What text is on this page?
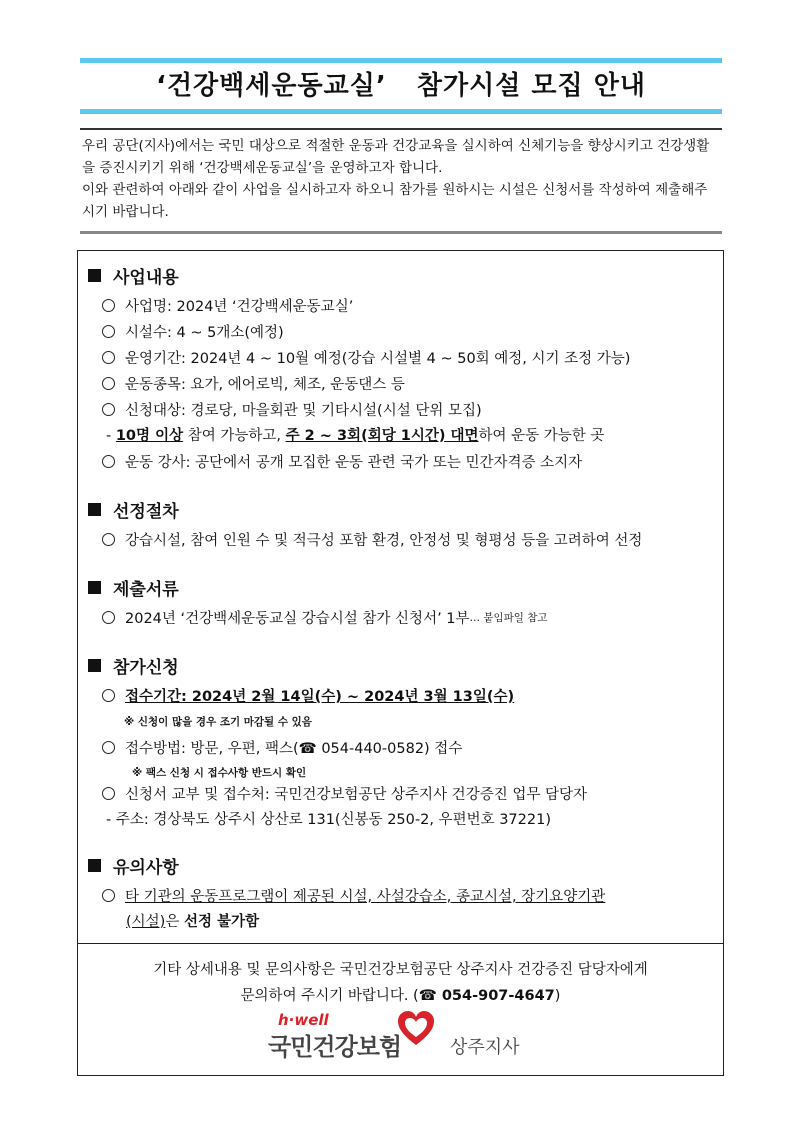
‘건강백세운동교실’   참가시설 모집 안내

우리 공단(지사)에서는 국민 대상으로 적절한 운동과 건강교육을 실시하여 신체기능을 향상시키고 건강생활을 증진시키기 위해 ‘건강백세운동교실’을 운영하고자 합니다.

이와 관련하여 아래와 같이 사업을 실시하고자 하오니 참가를 원하시는 시설은 신청서를 작성하여 제출해주시기 바랍니다.

사업내용
사업명: 2024년 ‘건강백세운동교실’
시설수: 4 ~ 5개소(예정)
운영기간: 2024년 4 ~ 10월 예정(강습 시설별 4 ~ 50회 예정, 시기 조정 가능)
운동종목: 요가, 에어로빅, 체조, 운동댄스 등
신청대상: 경로당, 마을회관 및 기타시설(시설 단위 모집)
- 10명 이상 참여 가능하고, 주 2 ~ 3회(회당 1시간) 대면하여 운동 가능한 곳
운동 강사: 공단에서 공개 모집한 운동 관련 국가 또는 민간자격증 소지자
선정절차
강습시설, 참여 인원 수 및 적극성 포함 환경, 안정성 및 형평성 등을 고려하여 선정
제출서류
2024년 ‘건강백세운동교실 강습시설 참가 신청서’ 1부 … 붙임파일 참고
참가신청
접수기간: 2024년 2월 14일(수) ~ 2024년 3월 13일(수)
※ 신청이 많을 경우 조기 마감될 수 있음
접수방법: 방문, 우편, 팩스(☎ 054-440-0582) 접수
※ 팩스 신청 시 접수사항 반드시 확인
신청서 교부 및 접수처: 국민건강보험공단 상주지사 건강증진 업무 담당자
- 주소: 경상북도 상주시 상산로 131(신봉동 250-2, 우편번호 37221)
유의사항
타 기관의 운동프로그램이 제공된 시설, 사설강습소, 종교시설, 장기요양기관
(시설)은 선정 불가함
기타 상세내용 및 문의사항은 국민건강보험공단 상주지사 건강증진 담당자에게
문의하여 주시기 바랍니다. (☎ 054-907-4647)
h·well
국민건강보험	상주지사
